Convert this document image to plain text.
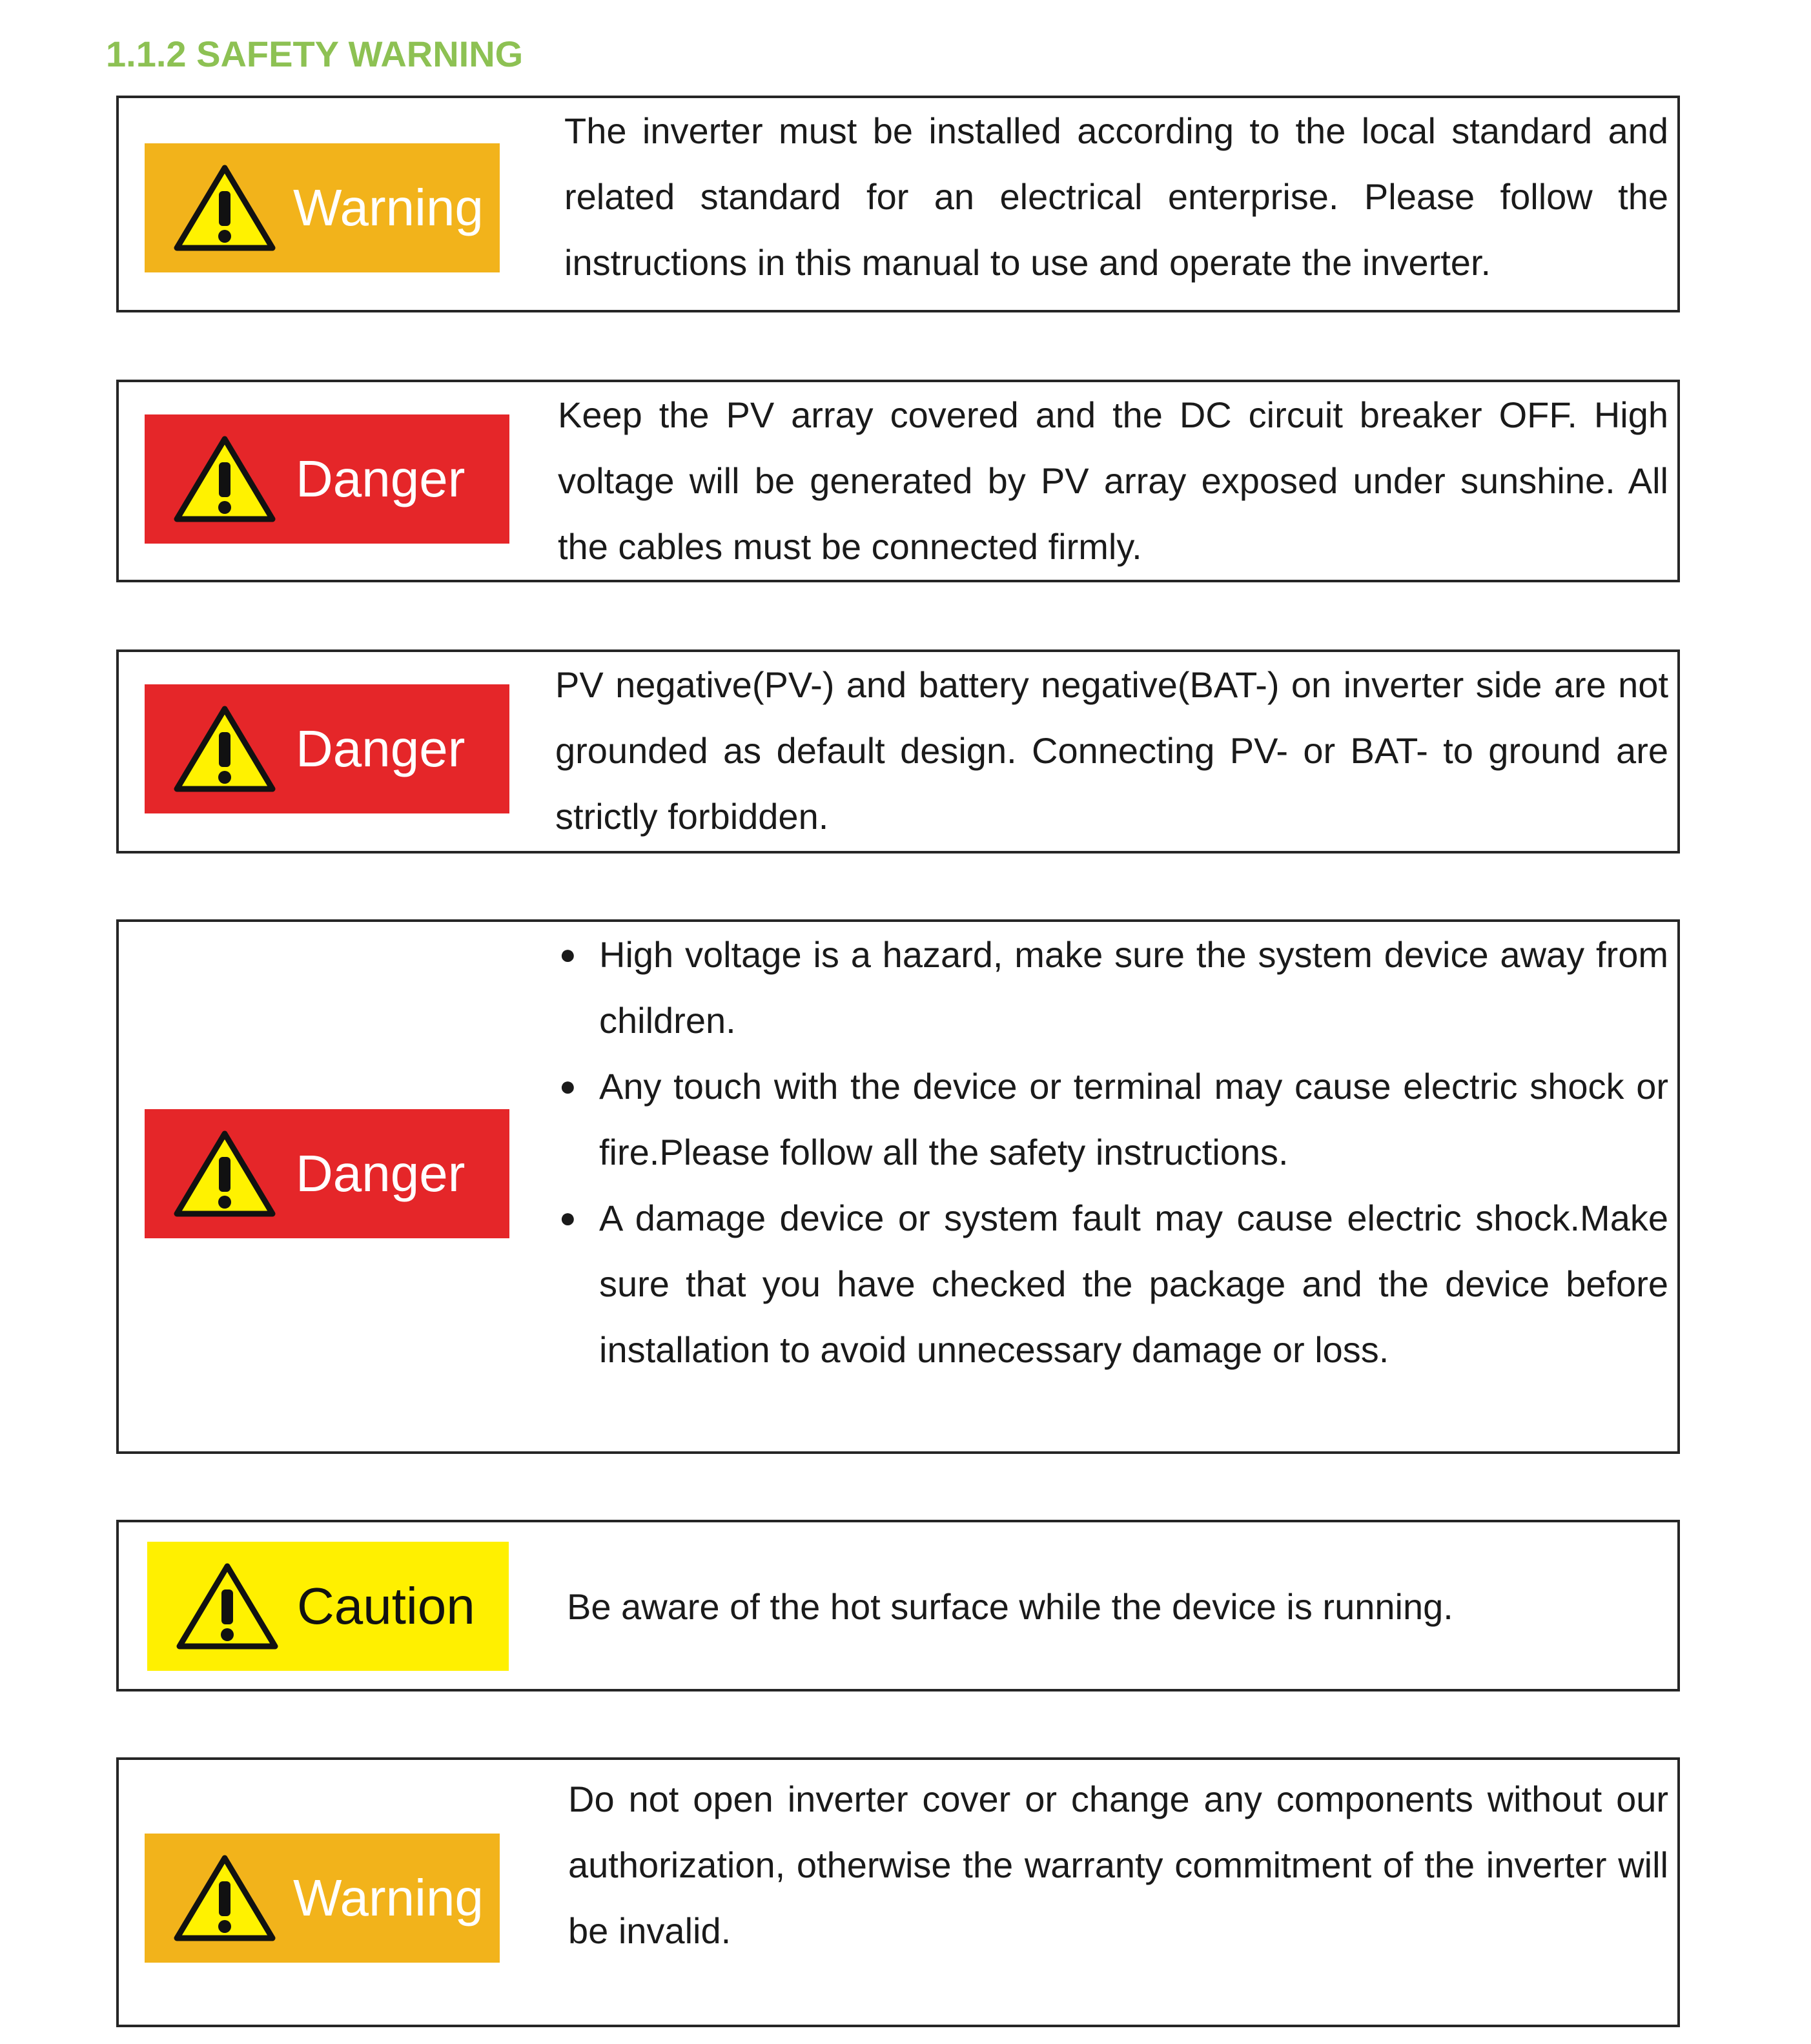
1.1.2 SAFETY WARNING
Warning

The inverter must be installed according to the local standard and related standard for an electrical enterprise. Please follow the instructions in this manual to use and operate the inverter.

Danger

Keep the PV array covered and the DC circuit breaker OFF. High voltage will be generated by PV array exposed under sunshine. All the cables must be connected firmly.

Danger

PV negative(PV-) and battery negative(BAT-) on inverter side are not grounded as default design. Connecting PV- or BAT- to ground are strictly forbidden.

Danger

● High voltage is a hazard, make sure the system device away from children.

● Any touch with the device or terminal may cause electric shock or fire.Please follow all the safety instructions.

● A damage device or system fault may cause electric shock.Make sure that you have checked the package and the device before installation to avoid unnecessary damage or loss.

Caution	Be aware of the hot surface while the device is running.

Warning

Do not open inverter cover or change any components without our authorization, otherwise the warranty commitment of the inverter will be invalid.
